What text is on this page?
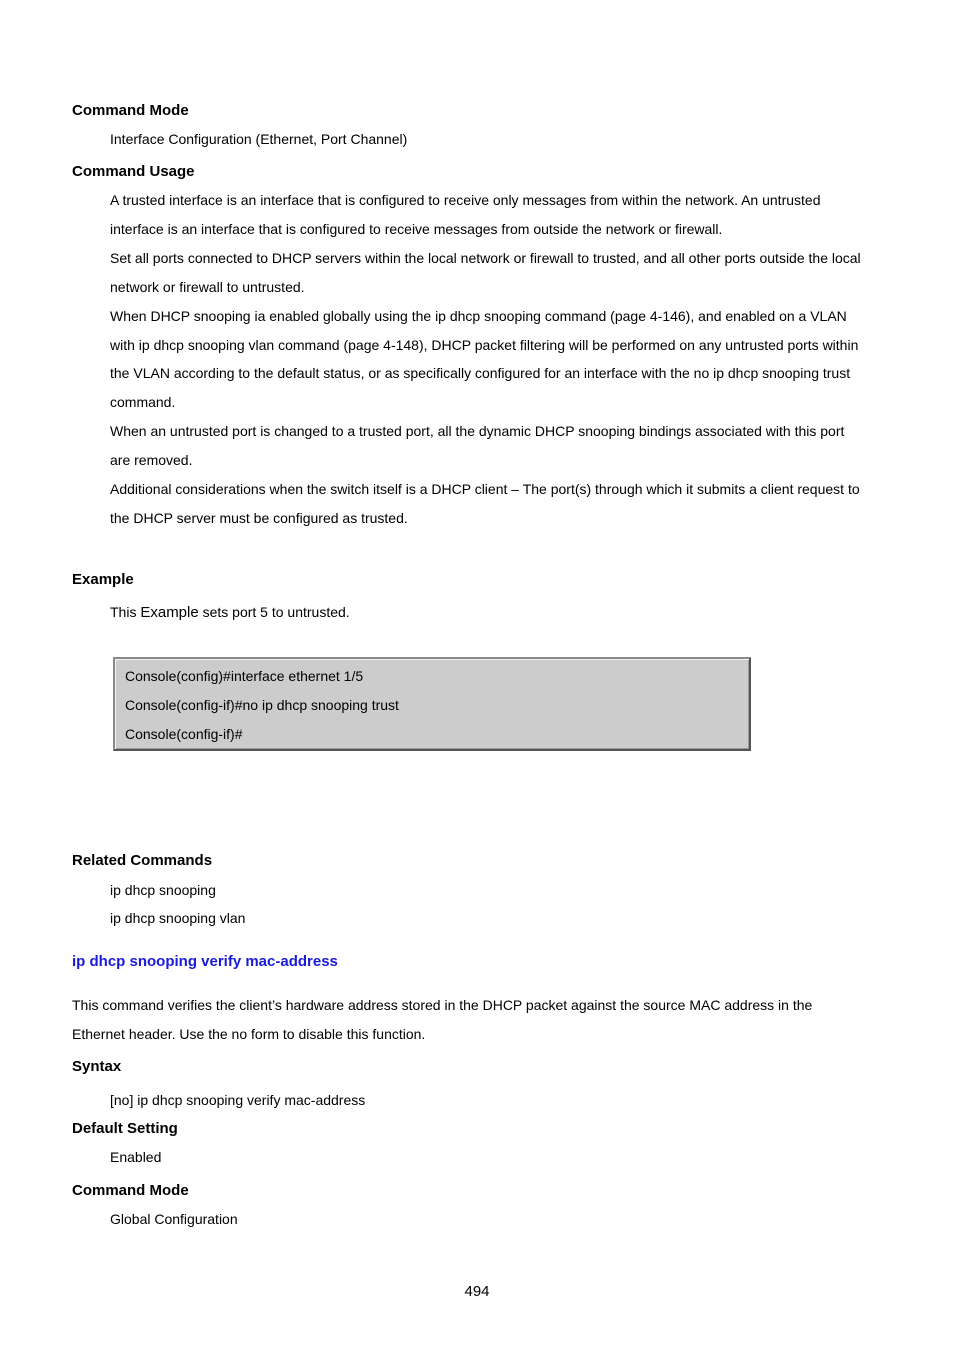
Command Mode
Interface Configuration (Ethernet, Port Channel)
Command Usage
A trusted interface is an interface that is configured to receive only messages from within the network. An untrusted
interface is an interface that is configured to receive messages from outside the network or firewall.
Set all ports connected to DHCP servers within the local network or firewall to trusted, and all other ports outside the local
network or firewall to untrusted.
When DHCP snooping ia enabled globally using the ip dhcp snooping command (page 4-146), and enabled on a VLAN
with ip dhcp snooping vlan command (page 4-148), DHCP packet filtering will be performed on any untrusted ports within
the VLAN according to the default status, or as specifically configured for an interface with the no ip dhcp snooping trust
command.
When an untrusted port is changed to a trusted port, all the dynamic DHCP snooping bindings associated with this port
are removed.
Additional considerations when the switch itself is a DHCP client – The port(s) through which it submits a client request to
the DHCP server must be configured as trusted.
Example
This Example sets port 5 to untrusted.
Console(config)#interface ethernet 1/5
Console(config-if)#no ip dhcp snooping trust
Console(config-if)#
Related Commands
ip dhcp snooping
ip dhcp snooping vlan
ip dhcp snooping verify mac-address
This command verifies the client’s hardware address stored in the DHCP packet against the source MAC address in the
Ethernet header. Use the no form to disable this function.
Syntax
[no] ip dhcp snooping verify mac-address
Default Setting
Enabled
Command Mode
Global Configuration
494
